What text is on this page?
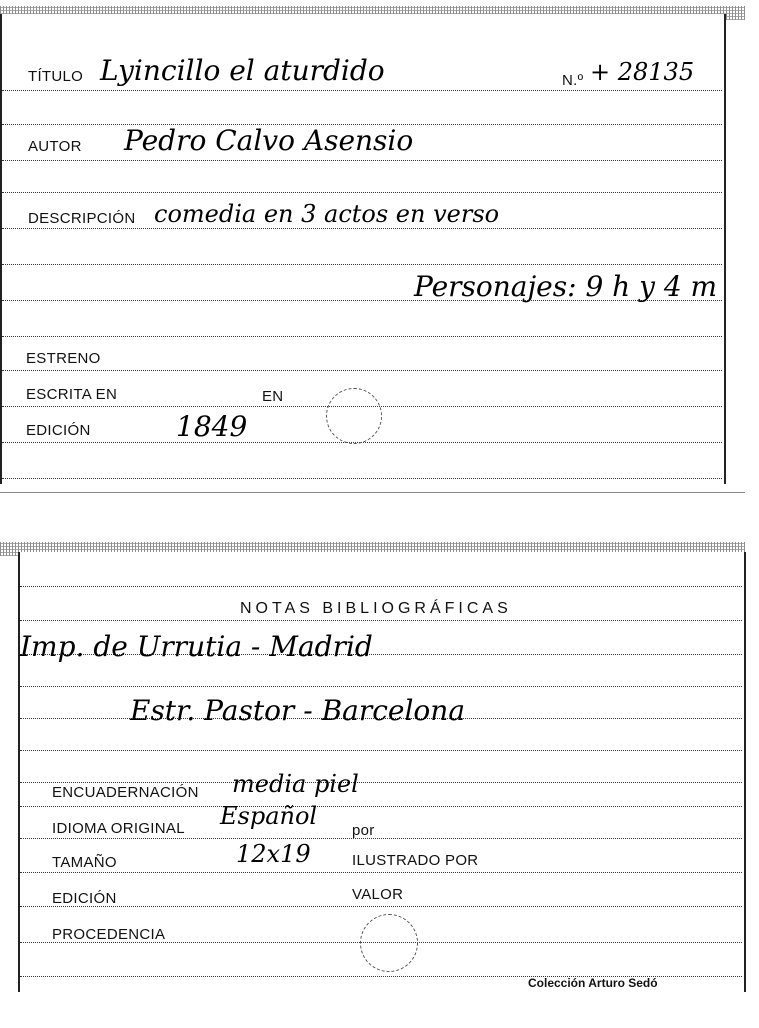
TÍTULO Lyincillo el aturdido	N.º + 28135
AUTOR Pedro Calvo Asensio
DESCRIPCIÓN comedia en 3 actos en verso
Personajes: 9 h y 4 m
ESTRENO
ESCRITA EN	EN
EDICIÓN	1849
NOTAS BIBLIOGRÁFICAS
Imp. de Urrutia - Madrid
Estr. Pastor - Barcelona
ENCUADERNACIÓN media piel
IDIOMA ORIGINAL Español
por
TAMAÑO	12x19	ILUSTRADO POR
EDICIÓN	VALOR
PROCEDENCIA
Colección Arturo Sedó
